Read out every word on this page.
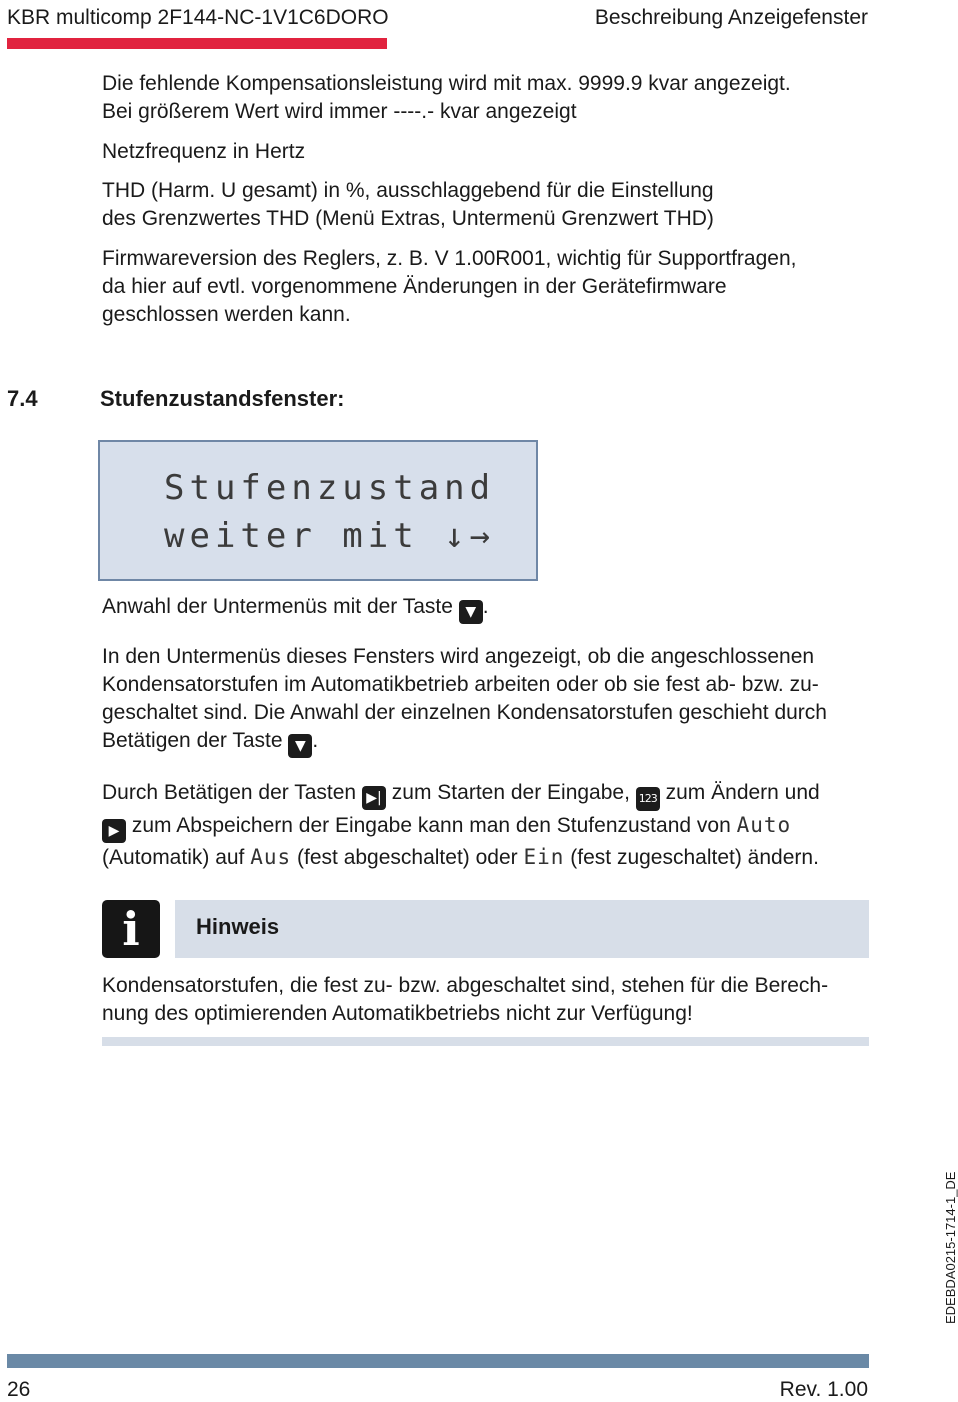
KBR multicomp 2F144-NC-1V1C6DORO	Beschreibung Anzeigefenster
Die fehlende Kompensationsleistung wird mit max. 9999.9 kvar angezeigt.
Bei größerem Wert wird immer ----.- kvar angezeigt
Netzfrequenz in Hertz
THD (Harm. U gesamt) in %, ausschlaggebend für die Einstellung
des Grenzwertes THD (Menü Extras, Untermenü Grenzwert THD)
Firmwareversion des Reglers, z. B. V 1.00R001, wichtig für Supportfragen,
da hier auf evtl. vorgenommene Änderungen in der Gerätefirmware
geschlossen werden kann.
7.4	Stufenzustandsfenster:
Stufenzustand
weiter mit ↓→
Anwahl der Untermenüs mit der Taste ▼ .
In den Untermenüs dieses Fensters wird angezeigt, ob die angeschlossenen
Kondensatorstufen im Automatikbetrieb arbeiten oder ob sie fest ab- bzw. zu-
geschaltet sind. Die Anwahl der einzelnen Kondensatorstufen geschieht durch
Betätigen der Taste ▼ .
Durch Betätigen der Tasten ▶| zum Starten der Eingabe, 123 zum Ändern und
▶ zum Abspeichern der Eingabe kann man den Stufenzustand von Auto
(Automatik) auf Aus (fest abgeschaltet) oder Ein (fest zugeschaltet) ändern.
i	Hinweis
Kondensatorstufen, die fest zu- bzw. abgeschaltet sind, stehen für die Berech-
nung des optimierenden Automatikbetriebs nicht zur Verfügung!
EDEBDA0215-1714-1_DE
26	Rev. 1.00
